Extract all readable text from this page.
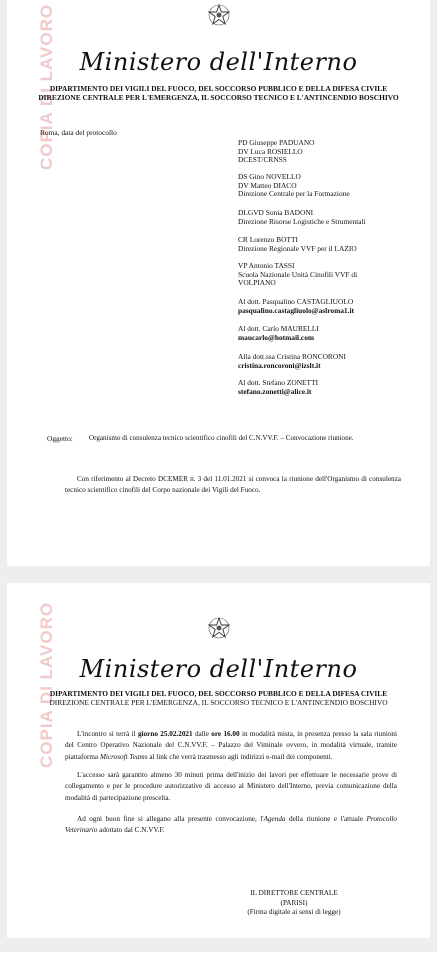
COPIA DI LAVORO Ministero dell'Interno
DIPARTIMENTO DEI VIGILI DEL FUOCO, DEL SOCCORSO PUBBLICO E DELLA DIFESA CIVILE
DIREZIONE CENTRALE PER L'EMERGENZA, IL SOCCORSO TECNICO E L'ANTINCENDIO BOSCHIVO
Roma, data del protocollo
PD Giuseppe PADUANO
DV Luca ROSIELLO
DCEST/CRNSS
DS Gino NOVELLO
DV Matteo DIACO
Direzione Centrale per la Formazione
DLGVD Sonia BADONI
Direzione Risorse Logistiche e Strumentali
CR Lorenzo BOTTI
Direzione Regionale VVF per il LAZIO
VP Antonio TASSI
Scuola Nazionale Unità Cinofili VVF di
VOLPIANO
Al dott. Pasqualino CASTAGLIUOLO
pasqualino.castagliuolo@aslroma1.it
Al dott. Carlo MAURELLI
maucarlo@hotmail.com
Alla dott.ssa Cristina RONCORONI
cristina.roncoroni@izslt.it
Al dott. Stefano ZONETTI
stefano.zonetti@alice.it
Oggetto: Organismo di consulenza tecnico scientifico cinofili del C.N.VV.F. – Convocazione riunione.
Con riferimento al Decreto DCEMER n. 3 del 11.01.2021 si convoca la riunione dell'Organismo di consulenza tecnico scientifico cinofili del Corpo nazionale dei Vigili del Fuoco.
COPIA DI LAVORO Ministero dell'Interno
DIPARTIMENTO DEI VIGILI DEL FUOCO, DEL SOCCORSO PUBBLICO E DELLA DIFESA CIVILE
DIREZIONE CENTRALE PER L'EMERGENZA, IL SOCCORSO TECNICO E L'ANTINCENDIO BOSCHIVO
L'incontro si terrà il giorno 25.02.2021 dalle ore 16.00 in modalità mista, in presenza presso la sala riunioni del Centro Operativo Nazionale del C.N.VV.F. – Palazzo del Viminale ovvero, in modalità virtuale, tramite piattaforma Microsoft Teams al link che verrà trasmesso agli indirizzi e-mail dei componenti.
L'accesso sarà garantito almeno 30 minuti prima dell'inizio dei lavori per effettuare le necessarie prove di collegamento e per le procedure autorizzative di accesso al Ministero dell'Interno, previa comunicazione della modalità di partecipazione prescelta.
Ad ogni buon fine si allegano alla presente convocazione, l'Agenda della riunione e l'attuale Protocollo Veterinario adottato dal C.N.VV.F.
IL DIRETTORE CENTRALE
(PARISI)
(Firma digitale ai sensi di legge)
